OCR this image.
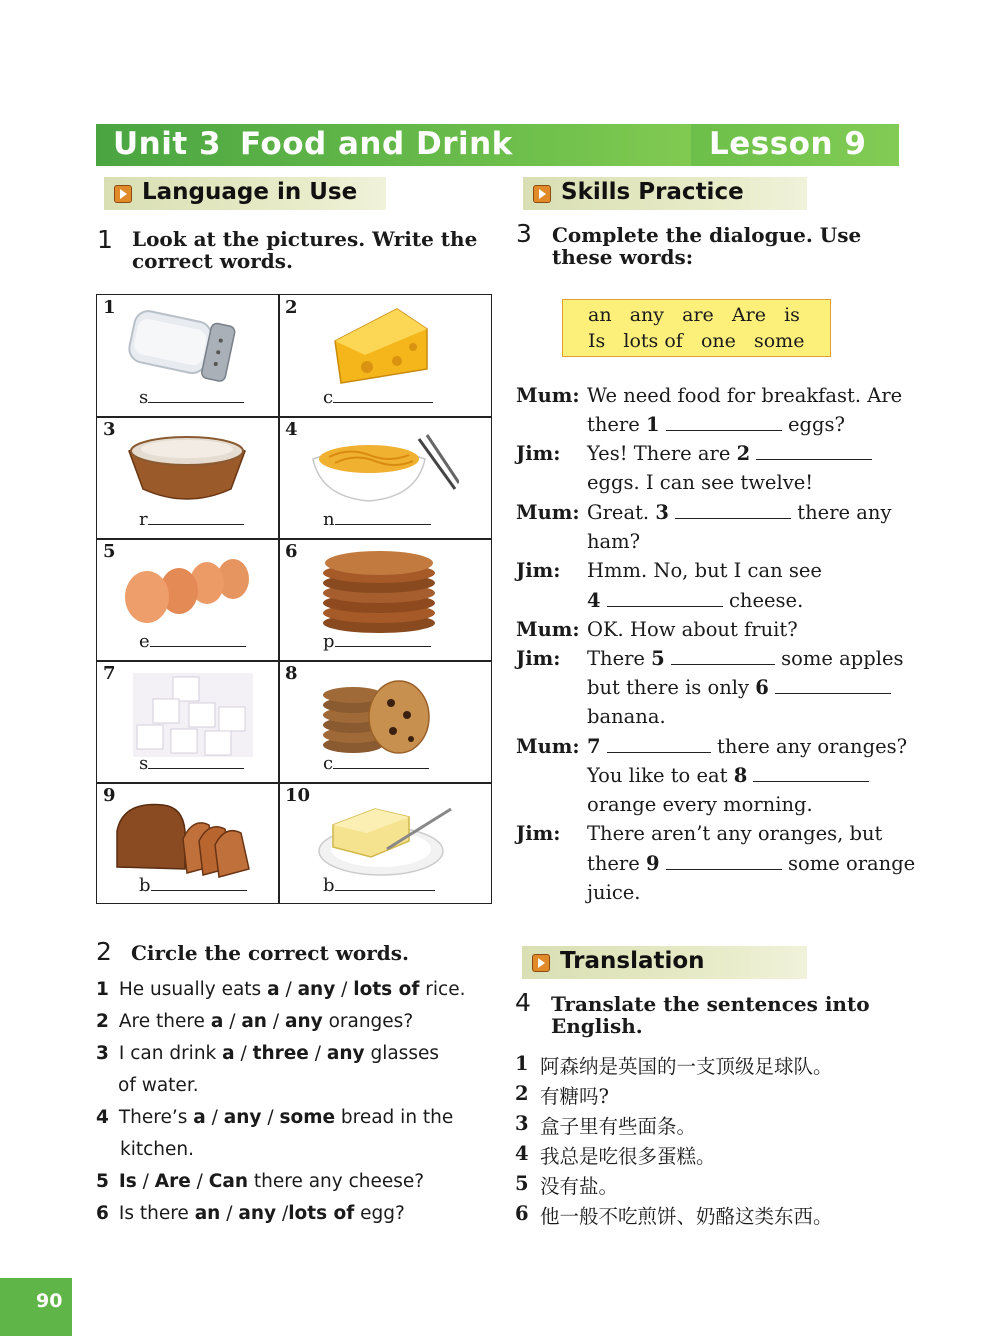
Unit 3 Food and Drink	Lesson 9
Language in Use	Skills Practice
Translation
1 Look at the pictures. Write the
correct words.
1
s
2
c
3
r
4
n
5
e
6
p
7
s
8
c
9
b
10
b
2 Circle the correct words.
1 He usually eats a / any / lots of rice.
2 Are there a / an / any oranges?
3 I can drink a / three / any glasses
of water.
4 There’s a / any / some bread in the
kitchen.
5 Is / Are / Can there any cheese?
6 Is there an / any /lots of egg?
3 Complete the dialogue. Use
these words:
an any are Are is
Is lots of one some
Mum: We need food for breakfast. Are
there 1	eggs?
Jim: Yes! There are 2
eggs. I can see twelve!
Mum: Great. 3	there any
ham?
Jim: Hmm. No, but I can see
4	cheese.
Mum: OK. How about fruit?
Jim: There 5	some apples
but there is only 6
banana.
Mum: 7	there any oranges?
You like to eat 8
orange every morning.
Jim: There aren’t any oranges, but
there 9	some orange
juice.
4 Translate the sentences into
English.
1 阿森纳是英国的一支顶级足球队。
2 有糖吗?
3 盒子里有些面条。
4 我总是吃很多蛋糕。
5 没有盐。
6 他一般不吃煎饼、奶酪这类东西。
90
